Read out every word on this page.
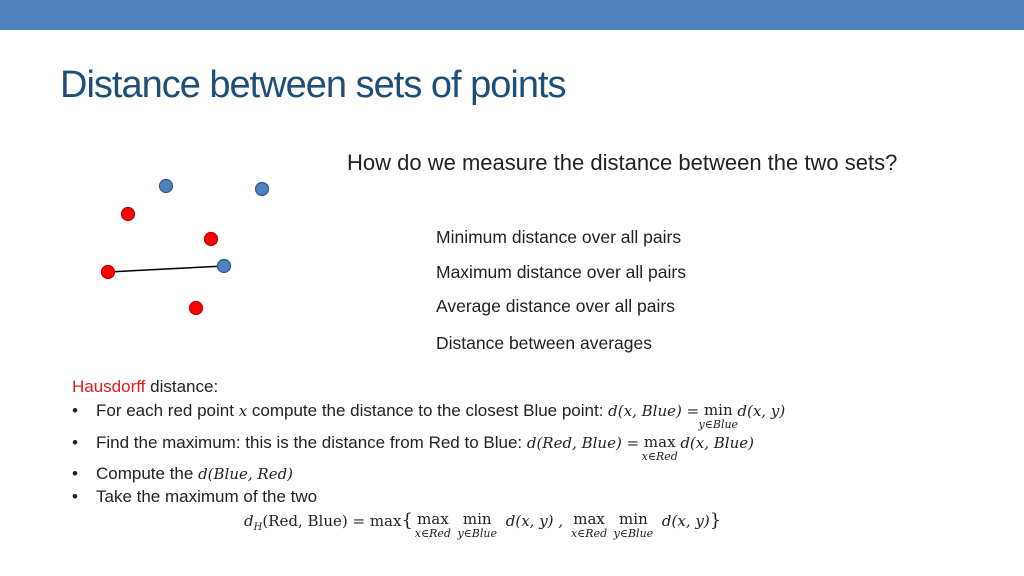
Distance between sets of points
How do we measure the distance between the two sets?
Minimum distance over all pairs
Maximum distance over all pairs
Average distance over all pairs
Distance between averages
Hausdorff distance:
• For each red point x compute the distance to the closest Blue point: d(x, Blue) = min
y∈Blue
d(x, y)
• Find the maximum: this is the distance from Red to Blue: d(Red, Blue) = max
x∈Red
d(x, Blue)
• Compute the d(Blue, Red)
• Take the maximum of the two
$d_H(Red$, Blue) = max{ max
x∈Red
min
y∈Blue
d(x, y) , max
x∈Red
min
y∈Blue
d(x, y)}
